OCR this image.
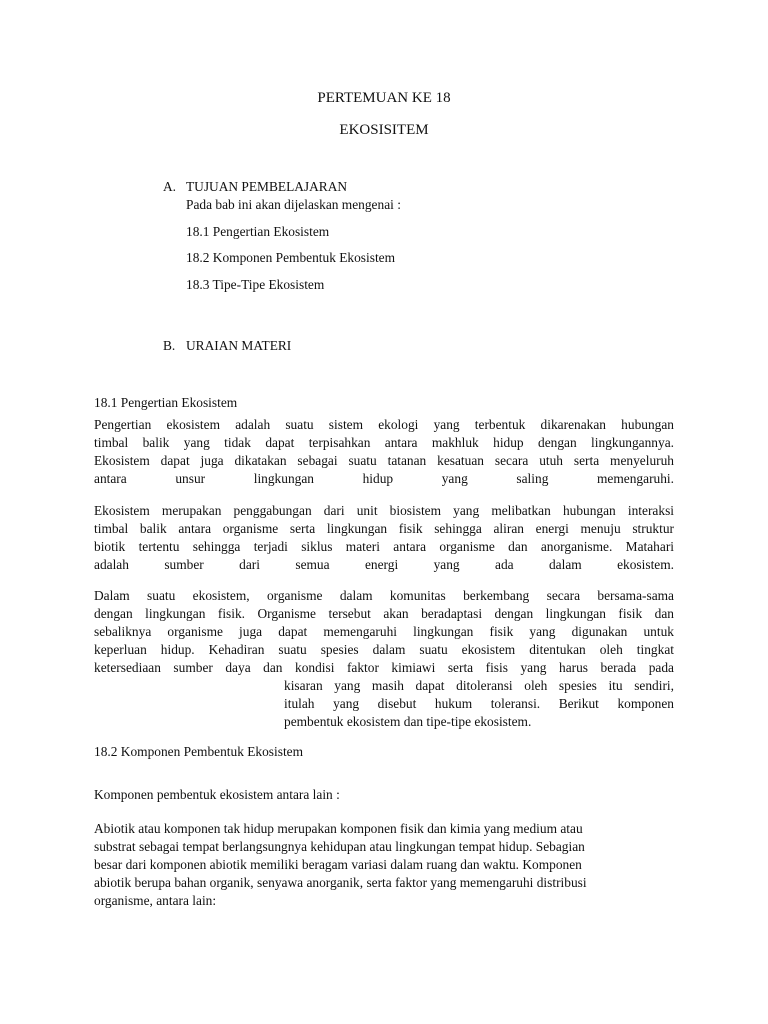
PERTEMUAN KE 18
EKOSISITEM
A. TUJUAN PEMBELAJARAN
Pada bab ini akan dijelaskan mengenai :
18.1 Pengertian Ekosistem
18.2 Komponen Pembentuk Ekosistem
18.3 Tipe-Tipe Ekosistem
B. URAIAN MATERI
18.1 Pengertian Ekosistem
Pengertian ekosistem adalah suatu sistem ekologi yang terbentuk dikarenakan hubungan
timbal balik yang tidak dapat terpisahkan antara makhluk hidup dengan lingkungannya.
Ekosistem dapat juga dikatakan sebagai suatu tatanan kesatuan secara utuh serta menyeluruh
antara unsur lingkungan hidup yang saling memengaruhi.
Ekosistem merupakan penggabungan dari unit biosistem yang melibatkan hubungan interaksi
timbal balik antara organisme serta lingkungan fisik sehingga aliran energi menuju struktur
biotik tertentu sehingga terjadi siklus materi antara organisme dan anorganisme. Matahari
adalah sumber dari semua energi yang ada dalam ekosistem.
Dalam suatu ekosistem, organisme dalam komunitas berkembang secara bersama-sama
dengan lingkungan fisik. Organisme tersebut akan beradaptasi dengan lingkungan fisik dan
sebaliknya organisme juga dapat memengaruhi lingkungan fisik yang digunakan untuk
keperluan hidup. Kehadiran suatu spesies dalam suatu ekosistem ditentukan oleh tingkat
ketersediaan sumber daya dan kondisi faktor kimiawi serta fisis yang harus berada pada
kisaran yang masih dapat ditoleransi oleh spesies itu sendiri,
itulah yang disebut hukum toleransi. Berikut komponen
pembentuk ekosistem dan tipe-tipe ekosistem.
18.2 Komponen Pembentuk Ekosistem
Komponen pembentuk ekosistem antara lain :
Abiotik atau komponen tak hidup merupakan komponen fisik dan kimia yang medium atau
substrat sebagai tempat berlangsungnya kehidupan atau lingkungan tempat hidup. Sebagian
besar dari komponen abiotik memiliki beragam variasi dalam ruang dan waktu. Komponen
abiotik berupa bahan organik, senyawa anorganik, serta faktor yang memengaruhi distribusi
organisme, antara lain:
